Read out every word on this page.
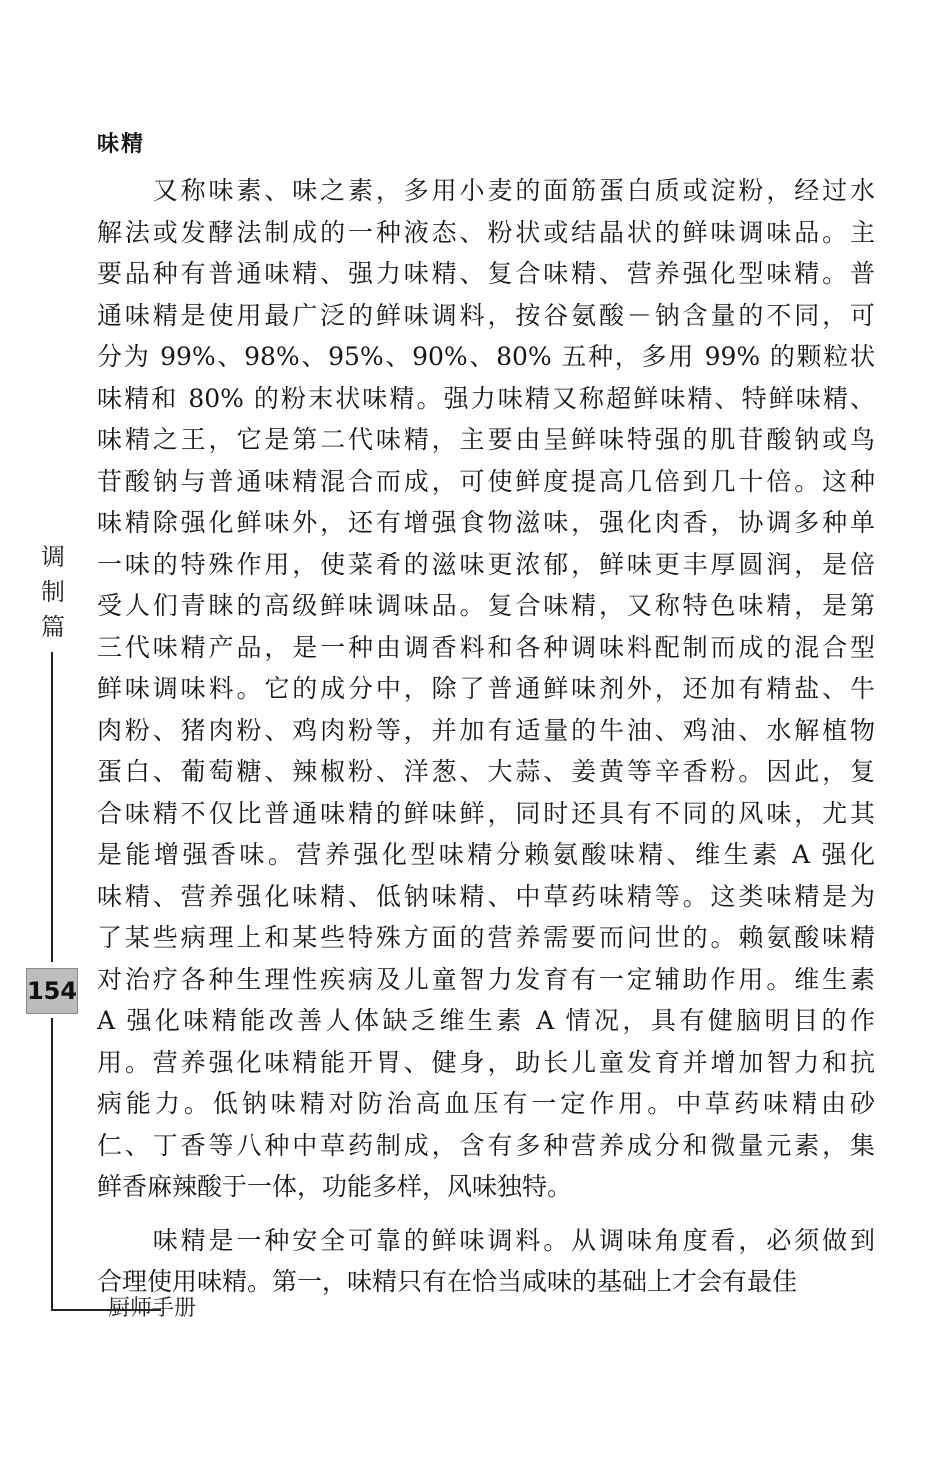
味精
　　又称味素、味之素，多用小麦的面筋蛋白质或淀粉，经过水
解法或发酵法制成的一种液态、粉状或结晶状的鲜味调味品。主
要品种有普通味精、强力味精、复合味精、营养强化型味精。普
通味精是使用最广泛的鲜味调料，按谷氨酸－钠含量的不同，可
分为 99%、98%、95%、90%、80% 五种，多用 99% 的颗粒状
味精和 80% 的粉末状味精。强力味精又称超鲜味精、特鲜味精、
味精之王，它是第二代味精，主要由呈鲜味特强的肌苷酸钠或鸟
苷酸钠与普通味精混合而成，可使鲜度提高几倍到几十倍。这种
味精除强化鲜味外，还有增强食物滋味，强化肉香，协调多种单
一味的特殊作用，使菜肴的滋味更浓郁，鲜味更丰厚圆润，是倍
受人们青睐的高级鲜味调味品。复合味精，又称特色味精，是第
三代味精产品，是一种由调香料和各种调味料配制而成的混合型
鲜味调味料。它的成分中，除了普通鲜味剂外，还加有精盐、牛
肉粉、猪肉粉、鸡肉粉等，并加有适量的牛油、鸡油、水解植物
蛋白、葡萄糖、辣椒粉、洋葱、大蒜、姜黄等辛香粉。因此，复
合味精不仅比普通味精的鲜味鲜，同时还具有不同的风味，尤其
是能增强香味。营养强化型味精分赖氨酸味精、维生素 A 强化
味精、营养强化味精、低钠味精、中草药味精等。这类味精是为
了某些病理上和某些特殊方面的营养需要而问世的。赖氨酸味精
对治疗各种生理性疾病及儿童智力发育有一定辅助作用。维生素
A 强化味精能改善人体缺乏维生素 A 情况，具有健脑明目的作
用。营养强化味精能开胃、健身，助长儿童发育并增加智力和抗
病能力。低钠味精对防治高血压有一定作用。中草药味精由砂
仁、丁香等八种中草药制成，含有多种营养成分和微量元素，集
鲜香麻辣酸于一体，功能多样，风味独特。
　　味精是一种安全可靠的鲜味调料。从调味角度看，必须做到
合理使用味精。第一，味精只有在恰当咸味的基础上才会有最佳
调
制
篇
154
厨师手册
